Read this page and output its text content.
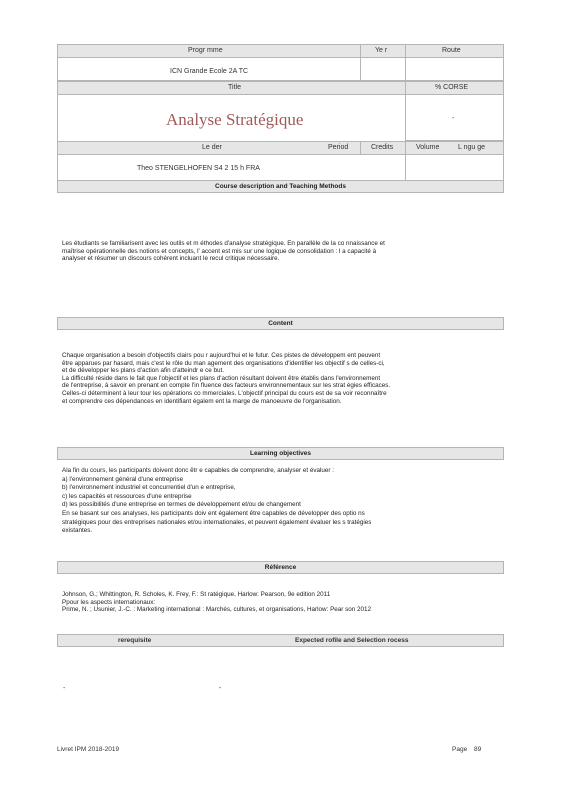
Progr mme	Ye r	Route
ICN Grande Ecole 2A TC
Title	% CORSE
Analyse Stratégique	-
Le der	Period	Credits	Volume	L ngu ge
Theo STENGELHOFEN S4 2 15 h FRA
Course description and Teaching Methods
Les étudiants se familiarisent avec les outils et m éthodes d'analyse stratégique. En parallèle de la co nnaissance et
maîtrise opérationnelle des notions et concepts, l' accent est mis sur une logique de consolidation : l a capacité à
analyser et résumer un discours cohérent incluant le recul critique nécessaire.
Content
Chaque organisation a besoin d'objectifs clairs pou r aujourd'hui et le futur. Ces pistes de développem ent peuvent
être apparues par hasard, mais c'est le rôle du man agement des organisations d'identifier les objectif s de celles-ci,
et de développer les plans d'action afin d'atteindr e ce but.
La difficulté réside dans le fait que l'objectif et les plans d'action résultant doivent être établis dans l'environnement
de l'entreprise, à savoir en prenant en compte l'in fluence des facteurs environnementaux sur les strat égies efficaces.
Celles-ci déterminent à leur tour les opérations co mmerciales. L'objectif principal du cours est de sa voir reconnaître
et comprendre ces dépendances en identifiant égalem ent la marge de manoeuvre de l'organisation.
Learning objectives
Ala fin du cours, les participants doivent donc êtr e capables de comprendre, analyser et évaluer :
a) l'environnement général d'une entreprise
b) l'environnement industriel et concurrentiel d'un e entreprise,
c) les capacités et ressources d'une entreprise
d) les possibilités d'une entreprise en termes de développement et/ou de changement
En se basant sur ces analyses, les participants doiv ent également être capables de développer des optio ns
stratégiques pour des entreprises nationales et/ou internationales, et peuvent également évaluer les s tratégies
existantes.
Référence
Johnson, G.; Whittington, R. Scholes, K. Frey, F.: St ratégique, Harlow: Pearson, 9e edition 2011
Ppour les aspects internationaux:
Prime, N. ; Usunier, J.-C. : Marketing international : Marchés, cultures, et organisations, Harlow: Pear son 2012
rerequisite	Expected rofile and Selection rocess
-	-
Livret IPM 2018-2019	Page 89
